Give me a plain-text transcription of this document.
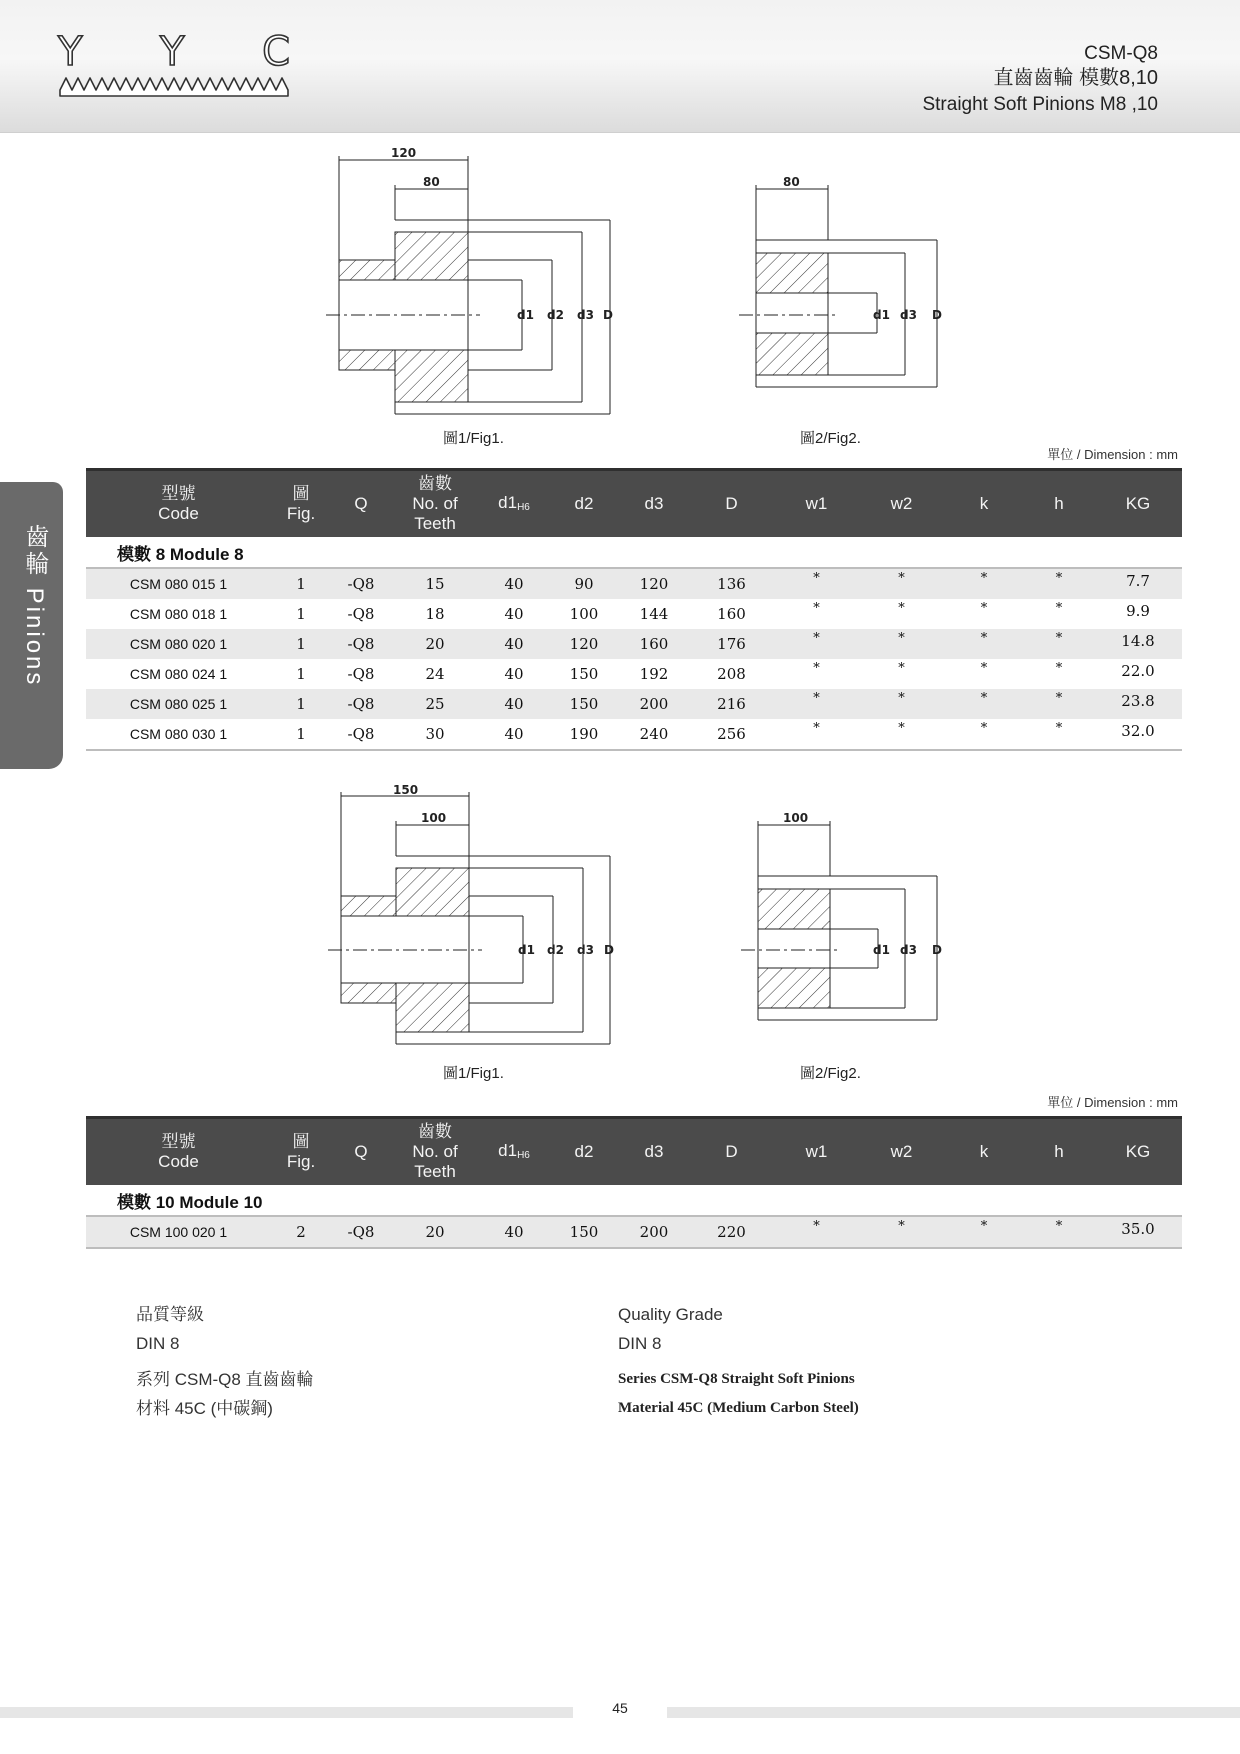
Y Y C	CSM-Q8
直齒齒輪 模數8,10
Straight Soft Pinions M8 ,10
齒輪 Pinions
120
80
d1 d2 d3 D
圖1/Fig1.
80
d1 d3 D
圖2/Fig2.
單位 / Dimension : mm
型號
Code	圖
Fig.	Q	齒數
No. of
Teeth	$d1_{H6}$	d2	d3	D	w1	w2	k	h	KG
模數 8 Module 8												
CSM 080 015 1	1	-Q8	15	40	90	120	136	*	*	*	*	7.7
CSM 080 018 1	1	-Q8	18	40	100	144	160	*	*	*	*	9.9
CSM 080 020 1	1	-Q8	20	40	120	160	176	*	*	*	*	14.8
CSM 080 024 1	1	-Q8	24	40	150	192	208	*	*	*	*	22.0
CSM 080 025 1	1	-Q8	25	40	150	200	216	*	*	*	*	23.8
CSM 080 030 1	1	-Q8	30	40	190	240	256	*	*	*	*	32.0
150
100
d1 d2 d3 D
圖1/Fig1.
100
d1 d3 D
圖2/Fig2.
單位 / Dimension : mm
型號
Code	圖
Fig.	Q	齒數
No. of
Teeth	$d1_{H6}$	d2	d3	D	w1	w2	k	h	KG
模數 10 Module 10												
CSM 100 020 1	2	-Q8	20	40	150	200	220	*	*	*	*	35.0
品質等級
DIN 8
系列 CSM-Q8 直齒齒輪
材料 45C (中碳鋼)
Quality Grade
DIN 8
Series CSM-Q8 Straight Soft Pinions
Material 45C (Medium Carbon Steel)
45
